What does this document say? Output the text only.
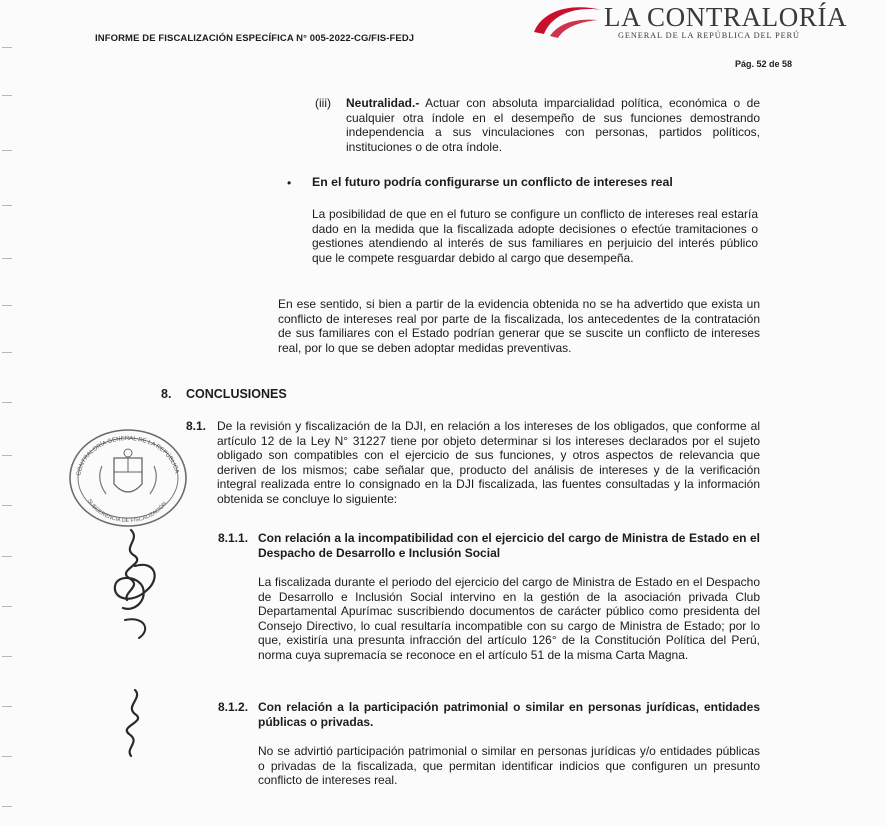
INFORME DE FISCALIZACIÓN ESPECÍFICA N° 005-2022-CG/FIS-FEDJ
LA CONTRALORÍA
GENERAL DE LA REPÚBLICA DEL PERÚ
Pág. 52 de 58
(iii) Neutralidad.- Actuar con absoluta imparcialidad política, económica o de cualquier otra índole en el desempeño de sus funciones demostrando independencia a sus vinculaciones con personas, partidos políticos, instituciones o de otra índole.
• En el futuro podría configurarse un conflicto de intereses real
La posibilidad de que en el futuro se configure un conflicto de intereses real estaría dado en la medida que la fiscalizada adopte decisiones o efectúe tramitaciones o gestiones atendiendo al interés de sus familiares en perjuicio del interés público que le compete resguardar debido al cargo que desempeña.
En ese sentido, si bien a partir de la evidencia obtenida no se ha advertido que exista un conflicto de intereses real por parte de la fiscalizada, los antecedentes de la contratación de sus familiares con el Estado podrían generar que se suscite un conflicto de intereses real, por lo que se deben adoptar medidas preventivas.
8. CONCLUSIONES
8.1. De la revisión y fiscalización de la DJI, en relación a los intereses de los obligados, que conforme al artículo 12 de la Ley N° 31227 tiene por objeto determinar si los intereses declarados por el sujeto obligado son compatibles con el ejercicio de sus funciones, y otros aspectos de relevancia que deriven de los mismos; cabe señalar que, producto del análisis de intereses y de la verificación integral realizada entre lo consignado en la DJI fiscalizada, las fuentes consultadas y la información obtenida se concluye lo siguiente:
8.1.1. Con relación a la incompatibilidad con el ejercicio del cargo de Ministra de Estado en el Despacho de Desarrollo e Inclusión Social
La fiscalizada durante el periodo del ejercicio del cargo de Ministra de Estado en el Despacho de Desarrollo e Inclusión Social intervino en la gestión de la asociación privada Club Departamental Apurímac suscribiendo documentos de carácter público como presidenta del Consejo Directivo, lo cual resultaría incompatible con su cargo de Ministra de Estado; por lo que, existiría una presunta infracción del artículo 126° de la Constitución Política del Perú, norma cuya supremacía se reconoce en el artículo 51 de la misma Carta Magna.
8.1.2. Con relación a la participación patrimonial o similar en personas jurídicas, entidades públicas o privadas.
No se advirtió participación patrimonial o similar en personas jurídicas y/o entidades públicas o privadas de la fiscalizada, que permitan identificar indicios que configuren un presunto conflicto de intereses real.
CONTRALORÍA GENERAL DE LA REPÚBLICA
SUBGERENCIA DE FISCALIZACIÓN
